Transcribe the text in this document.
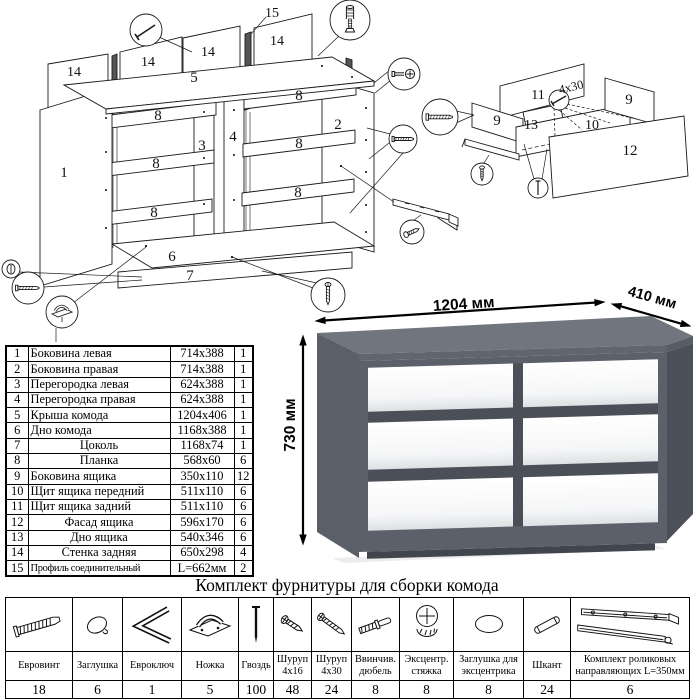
14
14
14
14
15
5
1
2
3
4
6
7
8
8
8
8
8
8
9
9
10
11
12
13
4x30
1204 мм	410 мм
730 мм
1	Боковина левая	714x388	1
2	Боковина правая	714x388	1
3	Перегородка левая	624x388	1
4	Перегородка правая	624x388	1
5	Крыша комода	1204x406	1
6	Дно комода	1168x388	1
7	Цоколь	1168x74	1
8	Планка	568x60	6
9	Боковина ящика	350x110	12
10	Щит ящика передний	511x110	6
11	Щит ящика задний	511x110	6
12	Фасад ящика	596x170	6
13	Дно ящика	540x346	6
14	Стенка задняя	650x298	4
15	Профиль соединительный	L=662мм	2
Комплект фурнитуры для сборки комода

Евровинт	Заглушка	Евроключ	Ножка	Гвоздь	Шуруп 4x16	Шуруп 4x30	Ввинчив. дюбель	Эксцентр. стяжка	Заглушка для эксцентрика	Шкант	Комплект роликовых направляющих L=350мм
18	6	1	5	100	48	24	8	8	8	24	6
